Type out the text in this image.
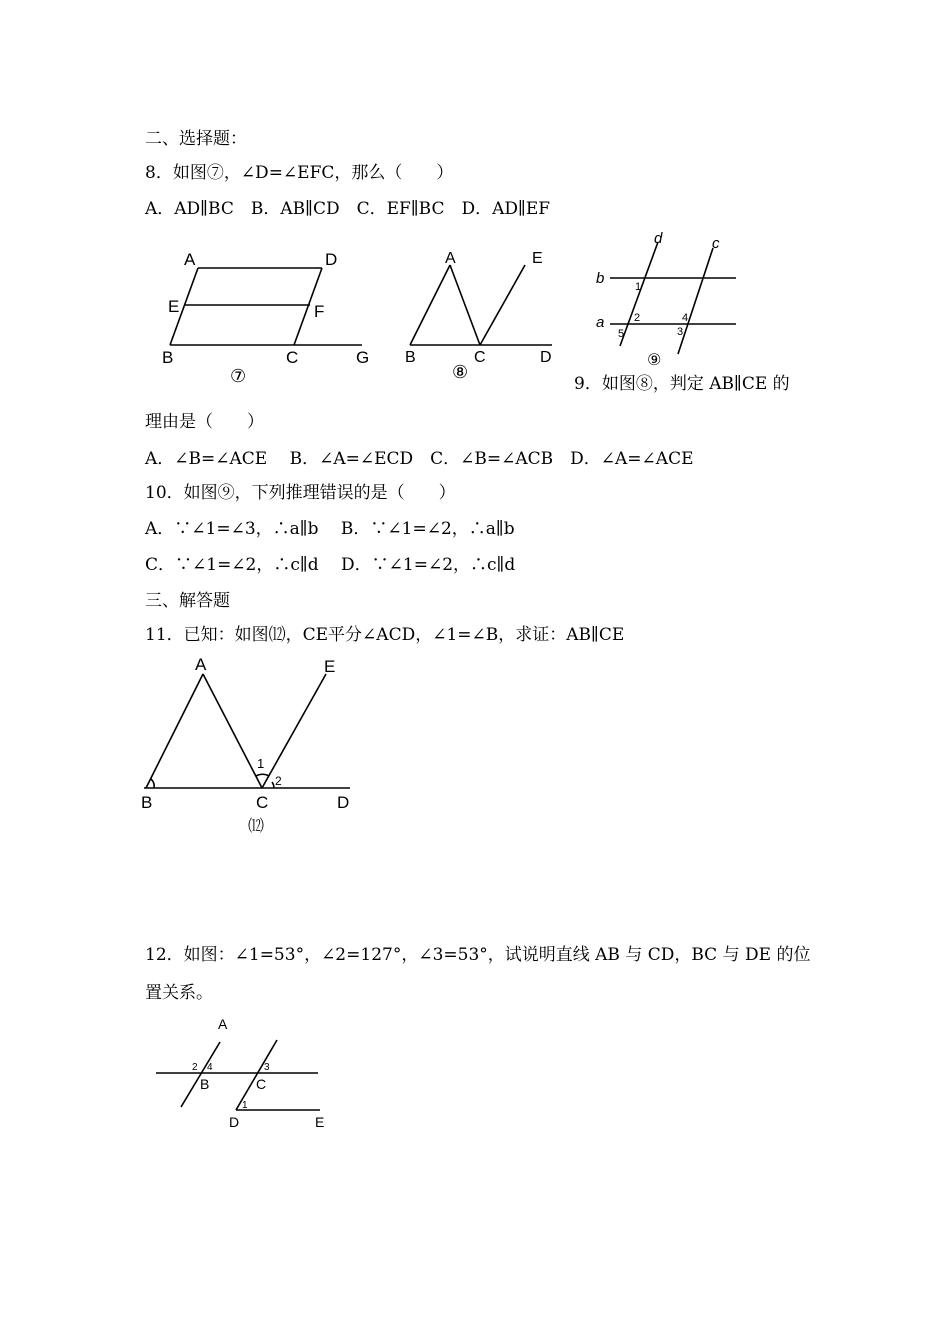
二、选择题：
8．如图⑦，∠D=∠EFC，那么（　　）
A．AD∥BC　B．AB∥CD　C．EF∥BC　D．AD∥EF
A	D
E	F
B	C	G
⑦
A	E
B	C	D
⑧
d	c
b
a
1
2
3
4
5
⑨
9．如图⑧，判定 AB∥CE 的
理由是（　　）
A．∠B=∠ACE　 B．∠A=∠ECD　C．∠B=∠ACB　D．∠A=∠ACE
10．如图⑨，下列推理错误的是（　　）
A．∵∠1=∠3，∴a∥b　 B．∵∠1=∠2，∴a∥b
C．∵∠1=∠2，∴c∥d　 D．∵∠1=∠2，∴c∥d
三、解答题
11．已知：如图⑿，CE平分∠ACD，∠1=∠B，求证：AB∥CE
A	E
B	C	D
1
2
⑿
12．如图：∠1=53°，∠2=127°，∠3=53°，试说明直线 AB 与 CD，BC 与 DE 的位
置关系。
A
B	C
D	E
1
2	3
4
